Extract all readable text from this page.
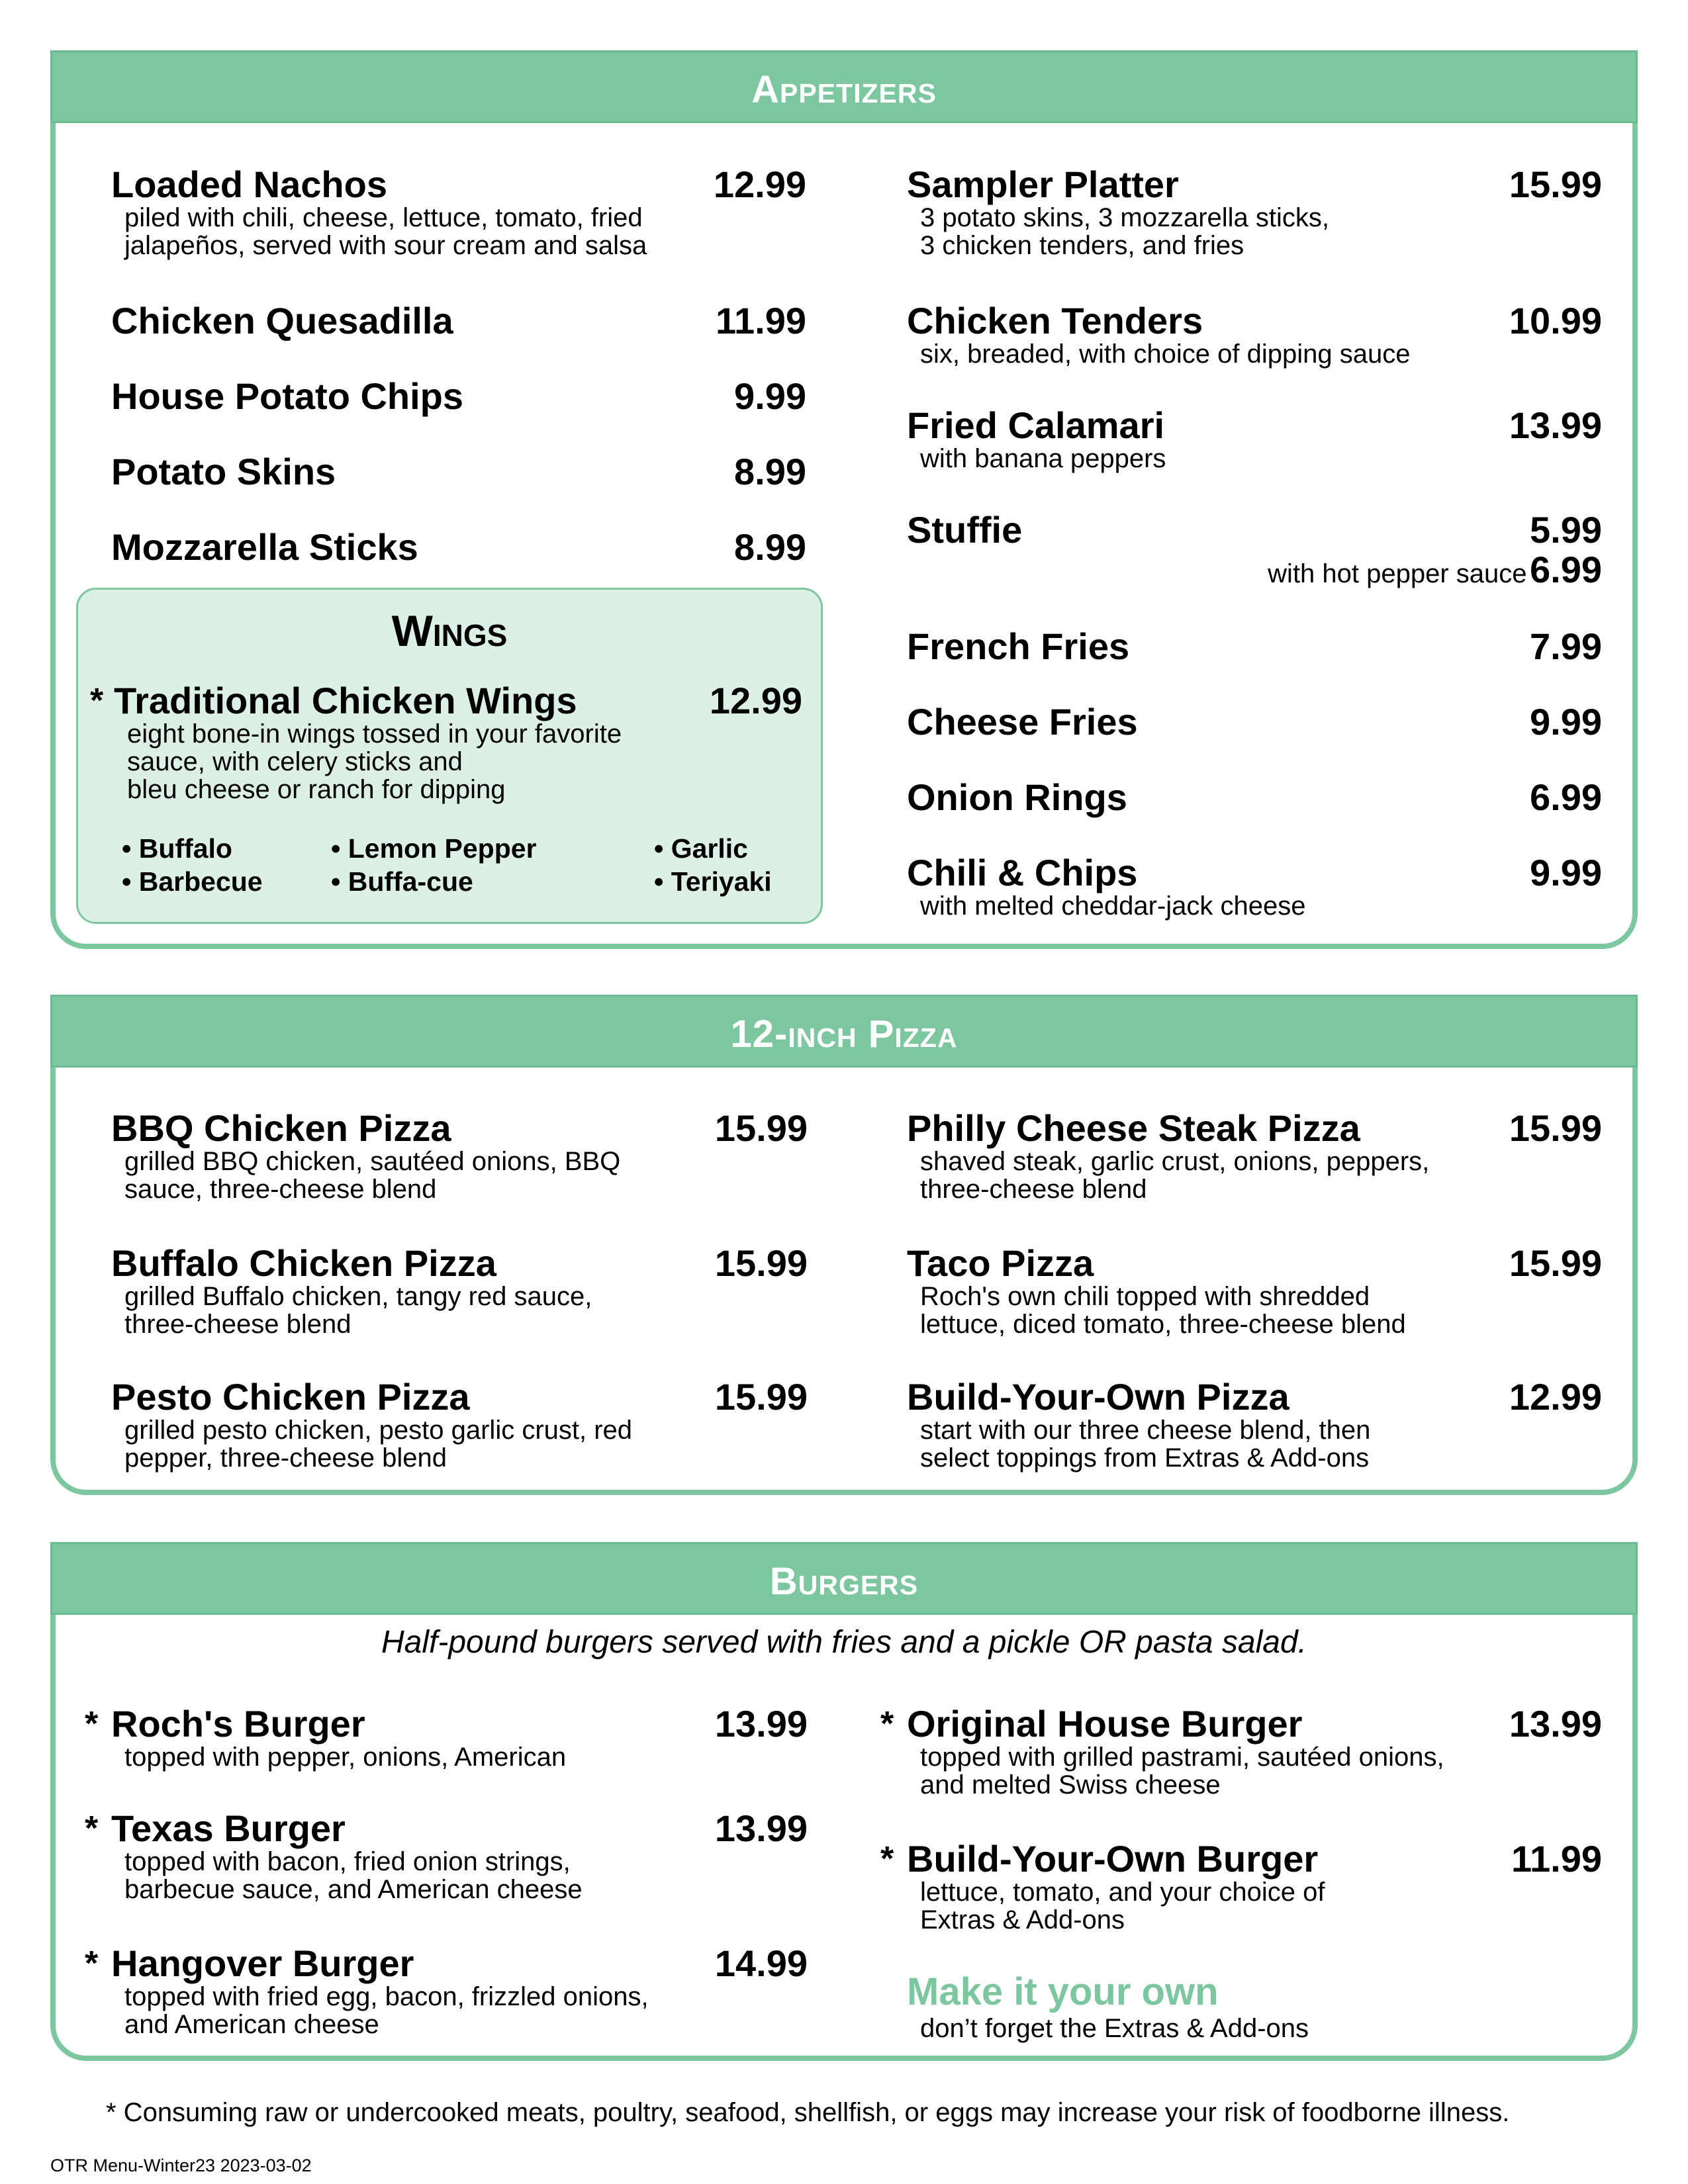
Appetizers
Loaded Nachos	12.99
piled with chili, cheese, lettuce, tomato, fried
jalapeños, served with sour cream and salsa
Chicken Quesadilla	11.99
House Potato Chips	9.99
Potato Skins	8.99
Mozzarella Sticks	8.99
Wings
* Traditional Chicken Wings	12.99
eight bone-in wings tossed in your favorite
sauce, with celery sticks and
bleu cheese or ranch for dipping
• Buffalo	• Lemon Pepper	• Garlic
• Barbecue	• Buffa-cue	• Teriyaki
Sampler Platter	15.99
3 potato skins, 3 mozzarella sticks,
3 chicken tenders, and fries
Chicken Tenders	10.99
six, breaded, with choice of dipping sauce
Fried Calamari	13.99
with banana peppers
Stuffie	5.99
with hot pepper sauce 6.99
French Fries	7.99
Cheese Fries	9.99
Onion Rings	6.99
Chili & Chips	9.99
with melted cheddar-jack cheese
12-inch Pizza
BBQ Chicken Pizza	15.99
grilled BBQ chicken, sautéed onions, BBQ
sauce, three-cheese blend
Buffalo Chicken Pizza	15.99
grilled Buffalo chicken, tangy red sauce,
three-cheese blend
Pesto Chicken Pizza	15.99
grilled pesto chicken, pesto garlic crust, red
pepper, three-cheese blend
Philly Cheese Steak Pizza	15.99
shaved steak, garlic crust, onions, peppers,
three-cheese blend
Taco Pizza	15.99
Roch's own chili topped with shredded
lettuce, diced tomato, three-cheese blend
Build-Your-Own Pizza	12.99
start with our three cheese blend, then
select toppings from Extras & Add-ons
Burgers
Half-pound burgers served with fries and a pickle OR pasta salad.
* Roch's Burger	13.99
topped with pepper, onions, American
* Texas Burger	13.99
topped with bacon, fried onion strings,
barbecue sauce, and American cheese
* Hangover Burger	14.99
topped with fried egg, bacon, frizzled onions,
and American cheese
* Original House Burger	13.99
topped with grilled pastrami, sautéed onions,
and melted Swiss cheese
* Build-Your-Own Burger	11.99
lettuce, tomato, and your choice of
Extras & Add-ons
Make it your own
don’t forget the Extras & Add-ons
* Consuming raw or undercooked meats, poultry, seafood, shellfish, or eggs may increase your risk of foodborne illness.
OTR Menu-Winter23 2023-03-02
